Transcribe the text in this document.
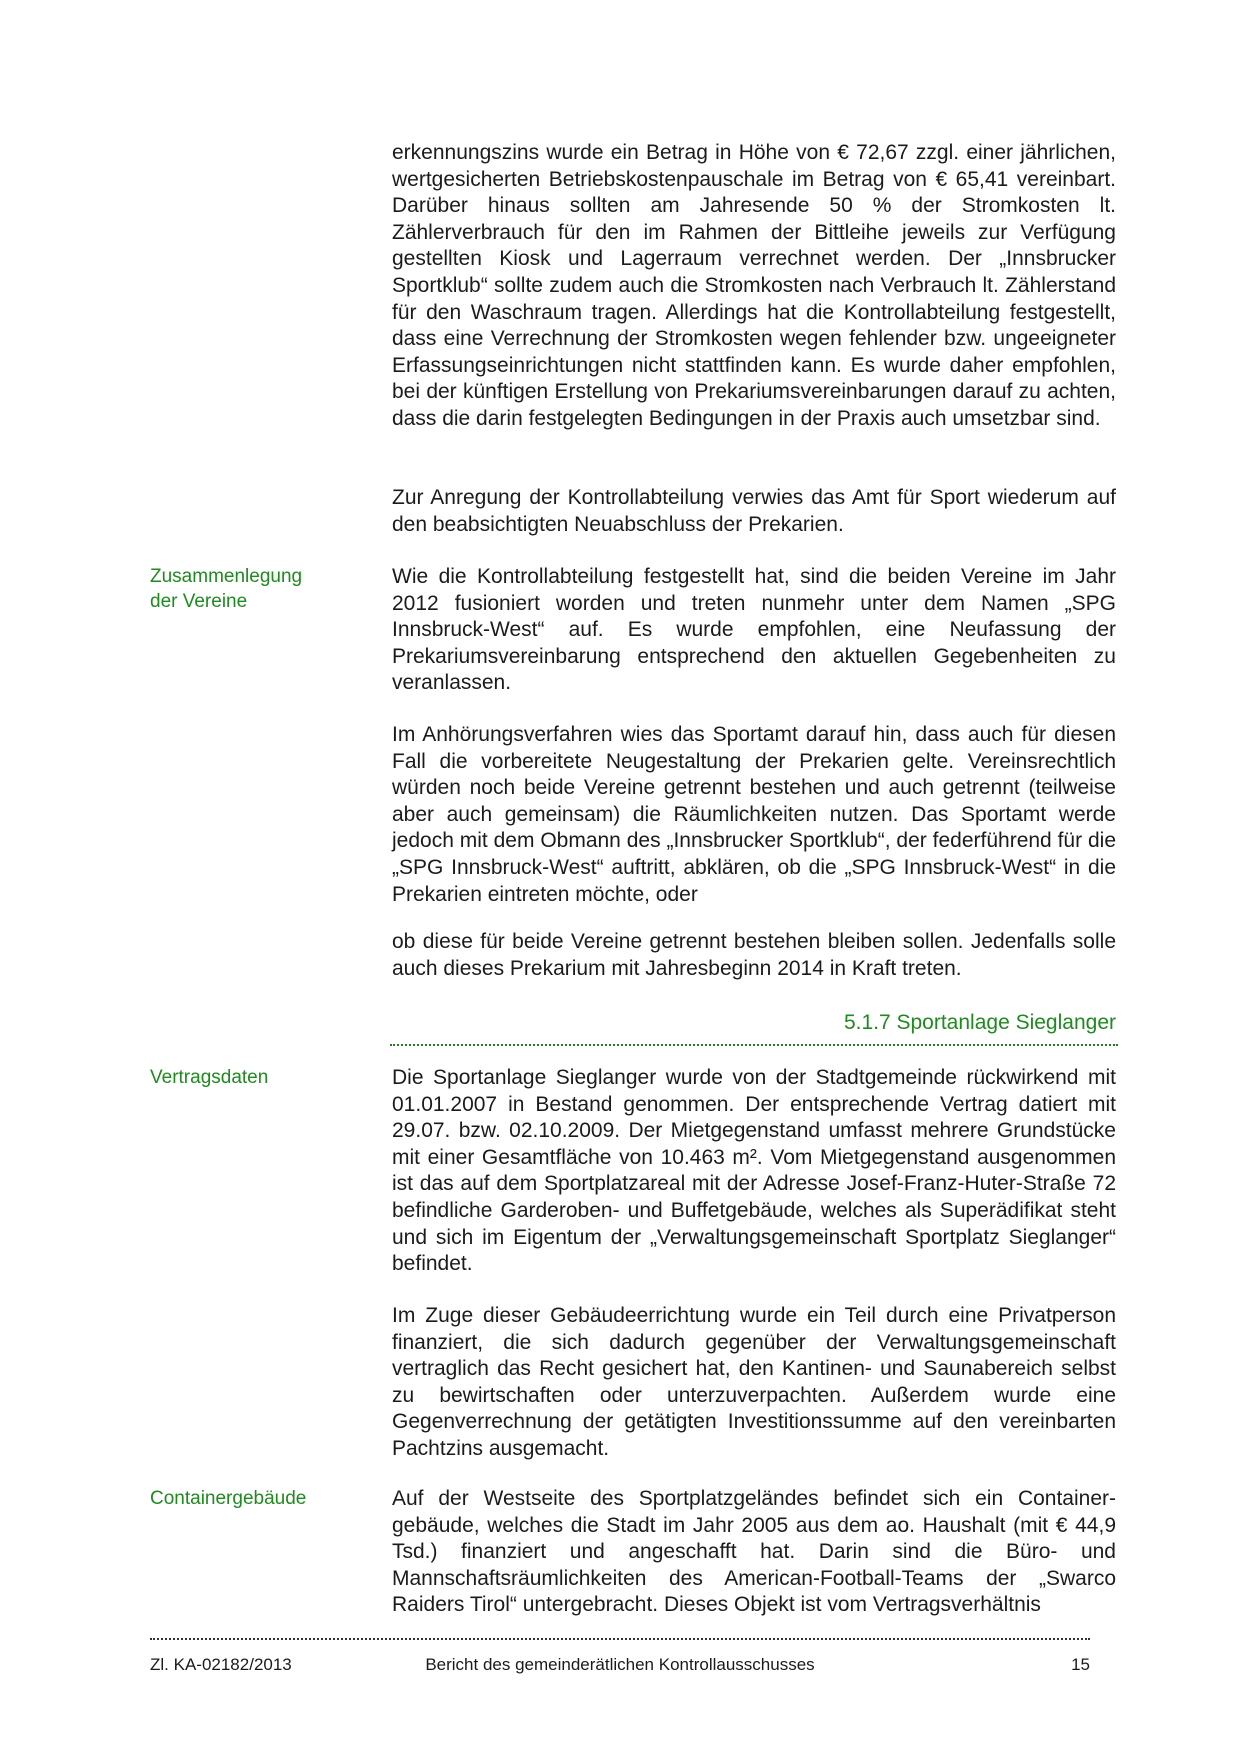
erkennungszins wurde ein Betrag in Höhe von € 72,67 zzgl. einer jährlichen, wertgesicherten Betriebskostenpauschale im Betrag von € 65,41 vereinbart. Darüber hinaus sollten am Jahresende 50 % der Stromkosten lt. Zählerverbrauch für den im Rahmen der Bittleihe jeweils zur Verfügung gestellten Kiosk und Lagerraum verrechnet werden. Der „Innsbrucker Sportklub“ sollte zudem auch die Stromkosten nach Verbrauch lt. Zählerstand für den Waschraum tragen. Allerdings hat die Kontrollabteilung festgestellt, dass eine Verrechnung der Stromkosten wegen fehlender bzw. ungeeigneter Erfassungseinrichtungen nicht stattfinden kann. Es wurde daher empfohlen, bei der künftigen Erstellung von Prekariumsvereinbarungen darauf zu achten, dass die darin festgelegten Bedingungen in der Praxis auch umsetzbar sind.

Zur Anregung der Kontrollabteilung verwies das Amt für Sport wiederum auf den beabsichtigten Neuabschluss der Prekarien.

Zusammenlegung
der Vereine

Wie die Kontrollabteilung festgestellt hat, sind die beiden Vereine im Jahr 2012 fusioniert worden und treten nunmehr unter dem Namen „SPG Innsbruck-West“ auf. Es wurde empfohlen, eine Neufassung der Prekariumsvereinbarung entsprechend den aktuellen Gegebenheiten zu veranlassen.

Im Anhörungsverfahren wies das Sportamt darauf hin, dass auch für diesen Fall die vorbereitete Neugestaltung der Prekarien gelte. Vereinsrechtlich würden noch beide Vereine getrennt bestehen und auch getrennt (teilweise aber auch gemeinsam) die Räumlichkeiten nutzen. Das Sportamt werde jedoch mit dem Obmann des „Innsbrucker Sportklub“, der federführend für die „SPG Innsbruck-West“ auftritt, abklären, ob die „SPG Innsbruck-West“ in die Prekarien eintreten möchte, oder

ob diese für beide Vereine getrennt bestehen bleiben sollen. Jedenfalls solle auch dieses Prekarium mit Jahresbeginn 2014 in Kraft treten.

5.1.7 Sportanlage Sieglanger
Vertragsdaten	Die Sportanlage Sieglanger wurde von der Stadtgemeinde rückwirkend mit 01.01.2007 in Bestand genommen. Der entsprechende Vertrag datiert mit 29.07. bzw. 02.10.2009. Der Mietgegenstand umfasst mehrere Grundstücke mit einer Gesamtfläche von 10.463 m². Vom Mietgegenstand ausgenommen ist das auf dem Sportplatzareal mit der Adresse Josef-Franz-Huter-Straße 72 befindliche Garderoben- und Buffetgebäude, welches als Superädifikat steht und sich im Eigentum der „Verwaltungsgemeinschaft Sportplatz Sieglanger“ befindet.

Im Zuge dieser Gebäudeerrichtung wurde ein Teil durch eine Privatperson finanziert, die sich dadurch gegenüber der Verwaltungsgemeinschaft vertraglich das Recht gesichert hat, den Kantinen- und Saunabereich selbst zu bewirtschaften oder unterzuverpachten. Außerdem wurde eine Gegenverrechnung der getätigten Investitionssumme auf den vereinbarten Pachtzins ausgemacht.

Containergebäude	Auf der Westseite des Sportplatzgeländes befindet sich ein Containergebäude, welches die Stadt im Jahr 2005 aus dem ao. Haushalt (mit € 44,9 Tsd.) finanziert und angeschafft hat. Darin sind die Büro- und Mannschaftsräumlichkeiten des American-Football-Teams der „Swarco Raiders Tirol“ untergebracht. Dieses Objekt ist vom Vertragsverhältnis

Zl. KA-02182/2013	Bericht des gemeinderätlichen Kontrollausschusses	15
